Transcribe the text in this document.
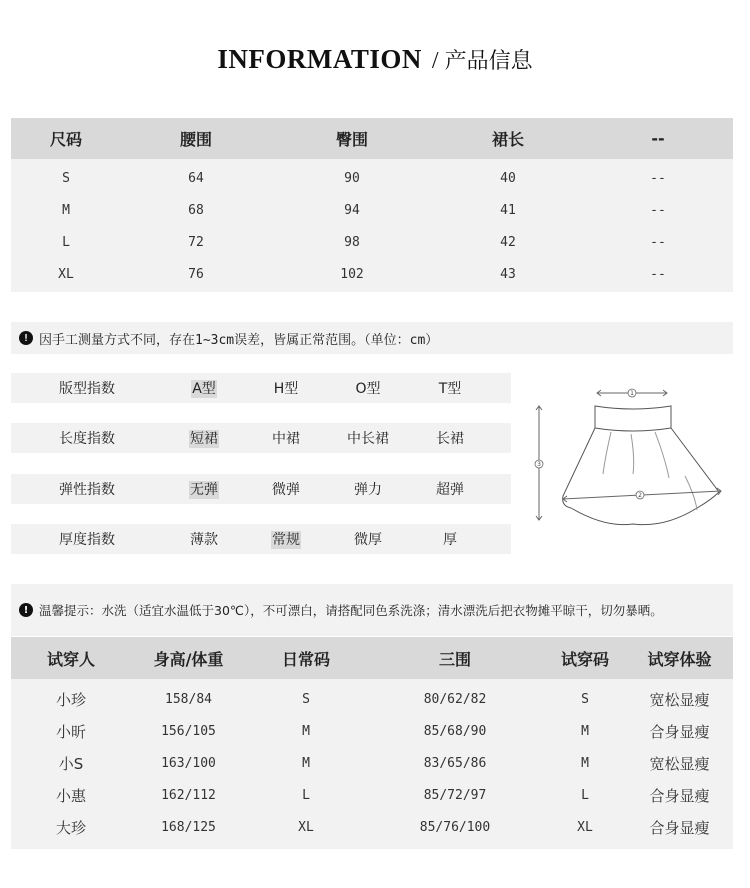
INFORMATION / 产品信息
尺码	腰围	臀围	裙长	--
S	64	90	40	--
M	68	94	41	--
L	72	98	42	--
XL	76	102	43	--
! 因手工测量方式不同，存在1~3cm误差，皆属正常范围。（单位：cm）
版型指数	A型	H型	O型	T型
长度指数	短裙	中裙	中长裙	长裙
弹性指数	无弹	微弹	弹力	超弹
厚度指数	薄款	常规	微厚	厚
1
2
3
! 温馨提示：水洗（适宜水温低于30℃），不可漂白，请搭配同色系洗涤；清水漂洗后把衣物摊平晾干，切勿暴晒。
试穿人	身高/体重	日常码	三围	试穿码	试穿体验
小珍	158/84	S	80/62/82	S	宽松显瘦
小昕	156/105	M	85/68/90	M	合身显瘦
小S	163/100	M	83/65/86	M	宽松显瘦
小惠	162/112	L	85/72/97	L	合身显瘦
大珍	168/125	XL	85/76/100	XL	合身显瘦
